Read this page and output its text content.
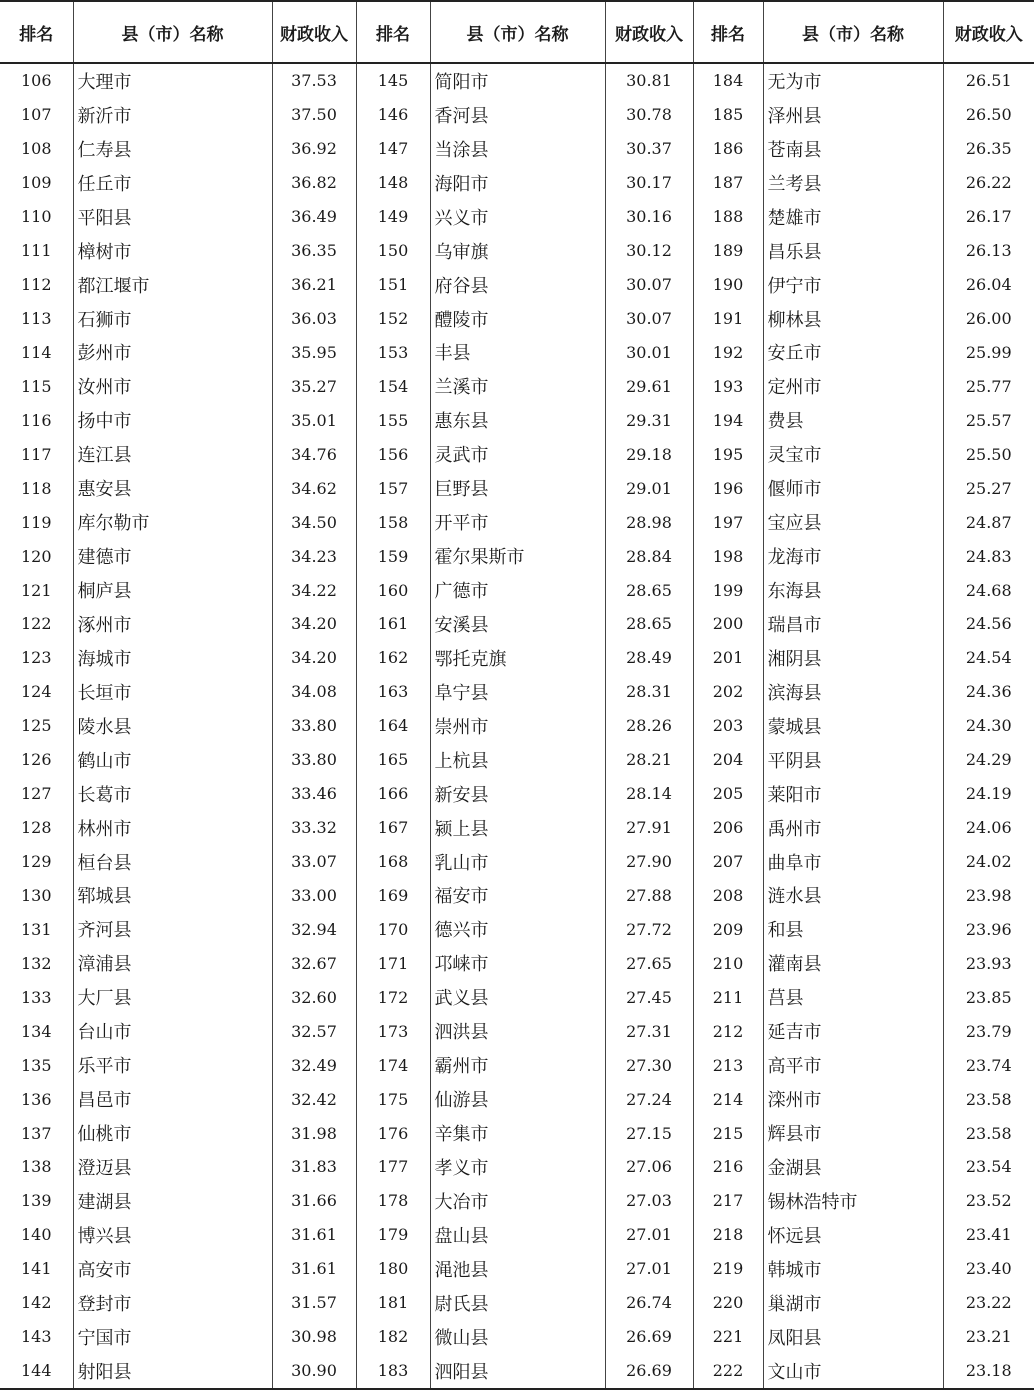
排名	县（市）名称	财政收入	排名	县（市）名称	财政收入	排名	县（市）名称	财政收入
106	大理市	37.53	145	简阳市	30.81	184	无为市	26.51
107	新沂市	37.50	146	香河县	30.78	185	泽州县	26.50
108	仁寿县	36.92	147	当涂县	30.37	186	苍南县	26.35
109	任丘市	36.82	148	海阳市	30.17	187	兰考县	26.22
110	平阳县	36.49	149	兴义市	30.16	188	楚雄市	26.17
111	樟树市	36.35	150	乌审旗	30.12	189	昌乐县	26.13
112	都江堰市	36.21	151	府谷县	30.07	190	伊宁市	26.04
113	石狮市	36.03	152	醴陵市	30.07	191	柳林县	26.00
114	彭州市	35.95	153	丰县	30.01	192	安丘市	25.99
115	汝州市	35.27	154	兰溪市	29.61	193	定州市	25.77
116	扬中市	35.01	155	惠东县	29.31	194	费县	25.57
117	连江县	34.76	156	灵武市	29.18	195	灵宝市	25.50
118	惠安县	34.62	157	巨野县	29.01	196	偃师市	25.27
119	库尔勒市	34.50	158	开平市	28.98	197	宝应县	24.87
120	建德市	34.23	159	霍尔果斯市	28.84	198	龙海市	24.83
121	桐庐县	34.22	160	广德市	28.65	199	东海县	24.68
122	涿州市	34.20	161	安溪县	28.65	200	瑞昌市	24.56
123	海城市	34.20	162	鄂托克旗	28.49	201	湘阴县	24.54
124	长垣市	34.08	163	阜宁县	28.31	202	滨海县	24.36
125	陵水县	33.80	164	崇州市	28.26	203	蒙城县	24.30
126	鹤山市	33.80	165	上杭县	28.21	204	平阴县	24.29
127	长葛市	33.46	166	新安县	28.14	205	莱阳市	24.19
128	林州市	33.32	167	颍上县	27.91	206	禹州市	24.06
129	桓台县	33.07	168	乳山市	27.90	207	曲阜市	24.02
130	郓城县	33.00	169	福安市	27.88	208	涟水县	23.98
131	齐河县	32.94	170	德兴市	27.72	209	和县	23.96
132	漳浦县	32.67	171	邛崃市	27.65	210	灌南县	23.93
133	大厂县	32.60	172	武义县	27.45	211	莒县	23.85
134	台山市	32.57	173	泗洪县	27.31	212	延吉市	23.79
135	乐平市	32.49	174	霸州市	27.30	213	高平市	23.74
136	昌邑市	32.42	175	仙游县	27.24	214	滦州市	23.58
137	仙桃市	31.98	176	辛集市	27.15	215	辉县市	23.58
138	澄迈县	31.83	177	孝义市	27.06	216	金湖县	23.54
139	建湖县	31.66	178	大冶市	27.03	217	锡林浩特市	23.52
140	博兴县	31.61	179	盘山县	27.01	218	怀远县	23.41
141	高安市	31.61	180	渑池县	27.01	219	韩城市	23.40
142	登封市	31.57	181	尉氏县	26.74	220	巢湖市	23.22
143	宁国市	30.98	182	微山县	26.69	221	凤阳县	23.21
144	射阳县	30.90	183	泗阳县	26.69	222	文山市	23.18
